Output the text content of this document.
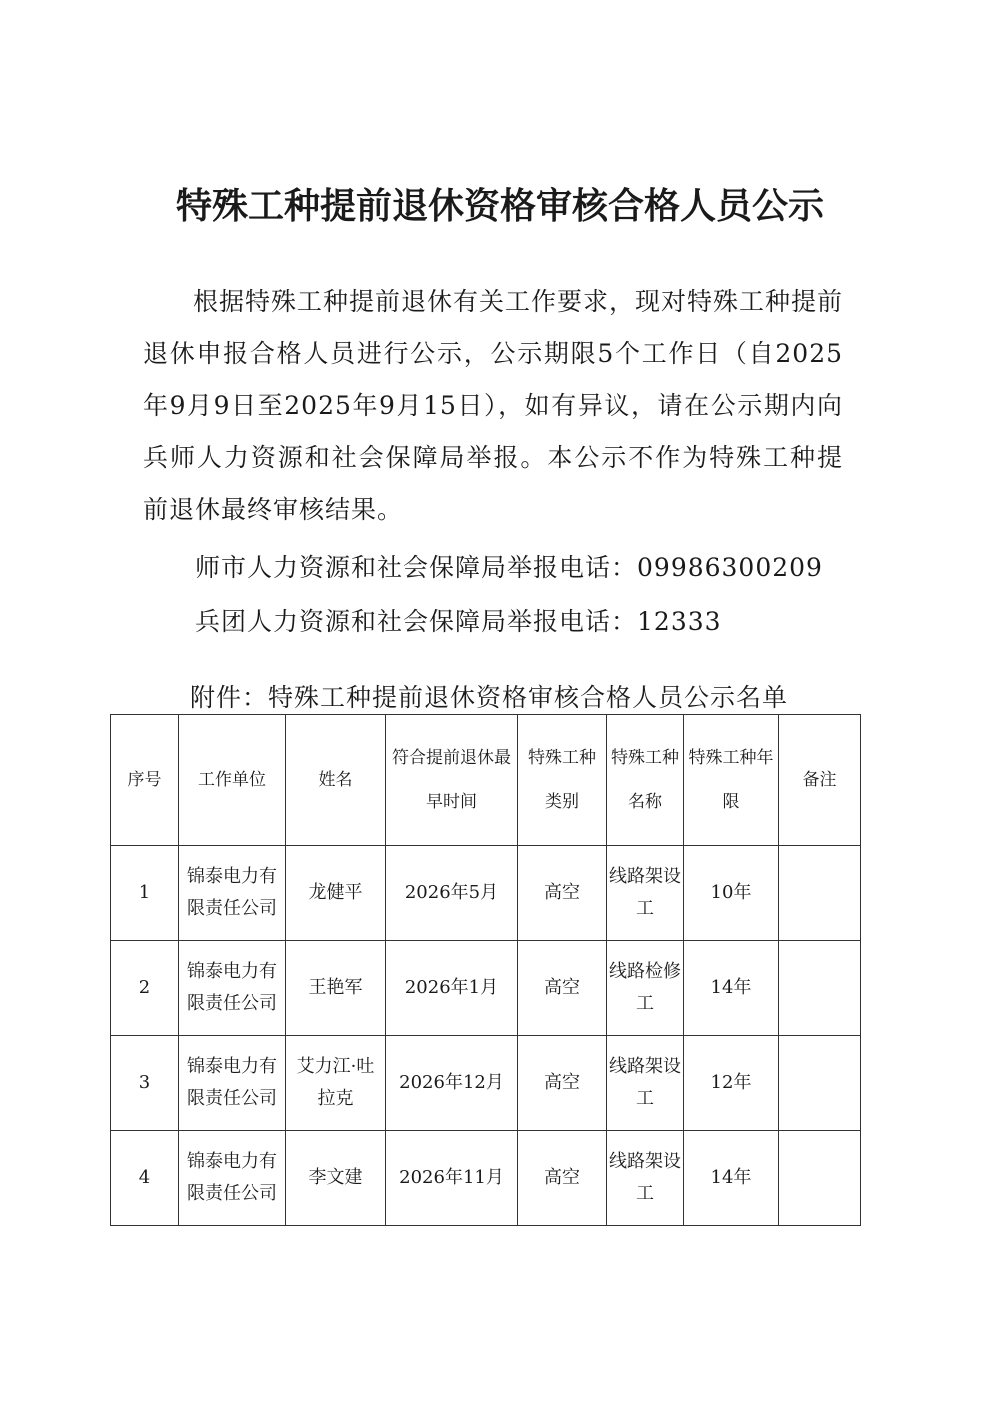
特殊工种提前退休资格审核合格人员公示

根据特殊工种提前退休有关工作要求，现对特殊工种提前退休申报合格人员进行公示，公示期限5个工作日（自2025年9月9日至2025年9月15日），如有异议，请在公示期内向兵师人力资源和社会保障局举报。本公示不作为特殊工种提前退休最终审核结果。

师市人力资源和社会保障局举报电话：09986300209

兵团人力资源和社会保障局举报电话：12333

附件：特殊工种提前退休资格审核合格人员公示名单

序号	工作单位	姓名	符合提前退休最早时间	特殊工种类别	特殊工种名称	特殊工种年限	备注
1	锦泰电力有限责任公司	龙健平	2026年5月	高空	线路架设工	10年	
2	锦泰电力有限责任公司	王艳军	2026年1月	高空	线路检修工	14年	
3	锦泰电力有限责任公司	艾力江·吐拉克	2026年12月	高空	线路架设工	12年	
4	锦泰电力有限责任公司	李文建	2026年11月	高空	线路架设工	14年	
